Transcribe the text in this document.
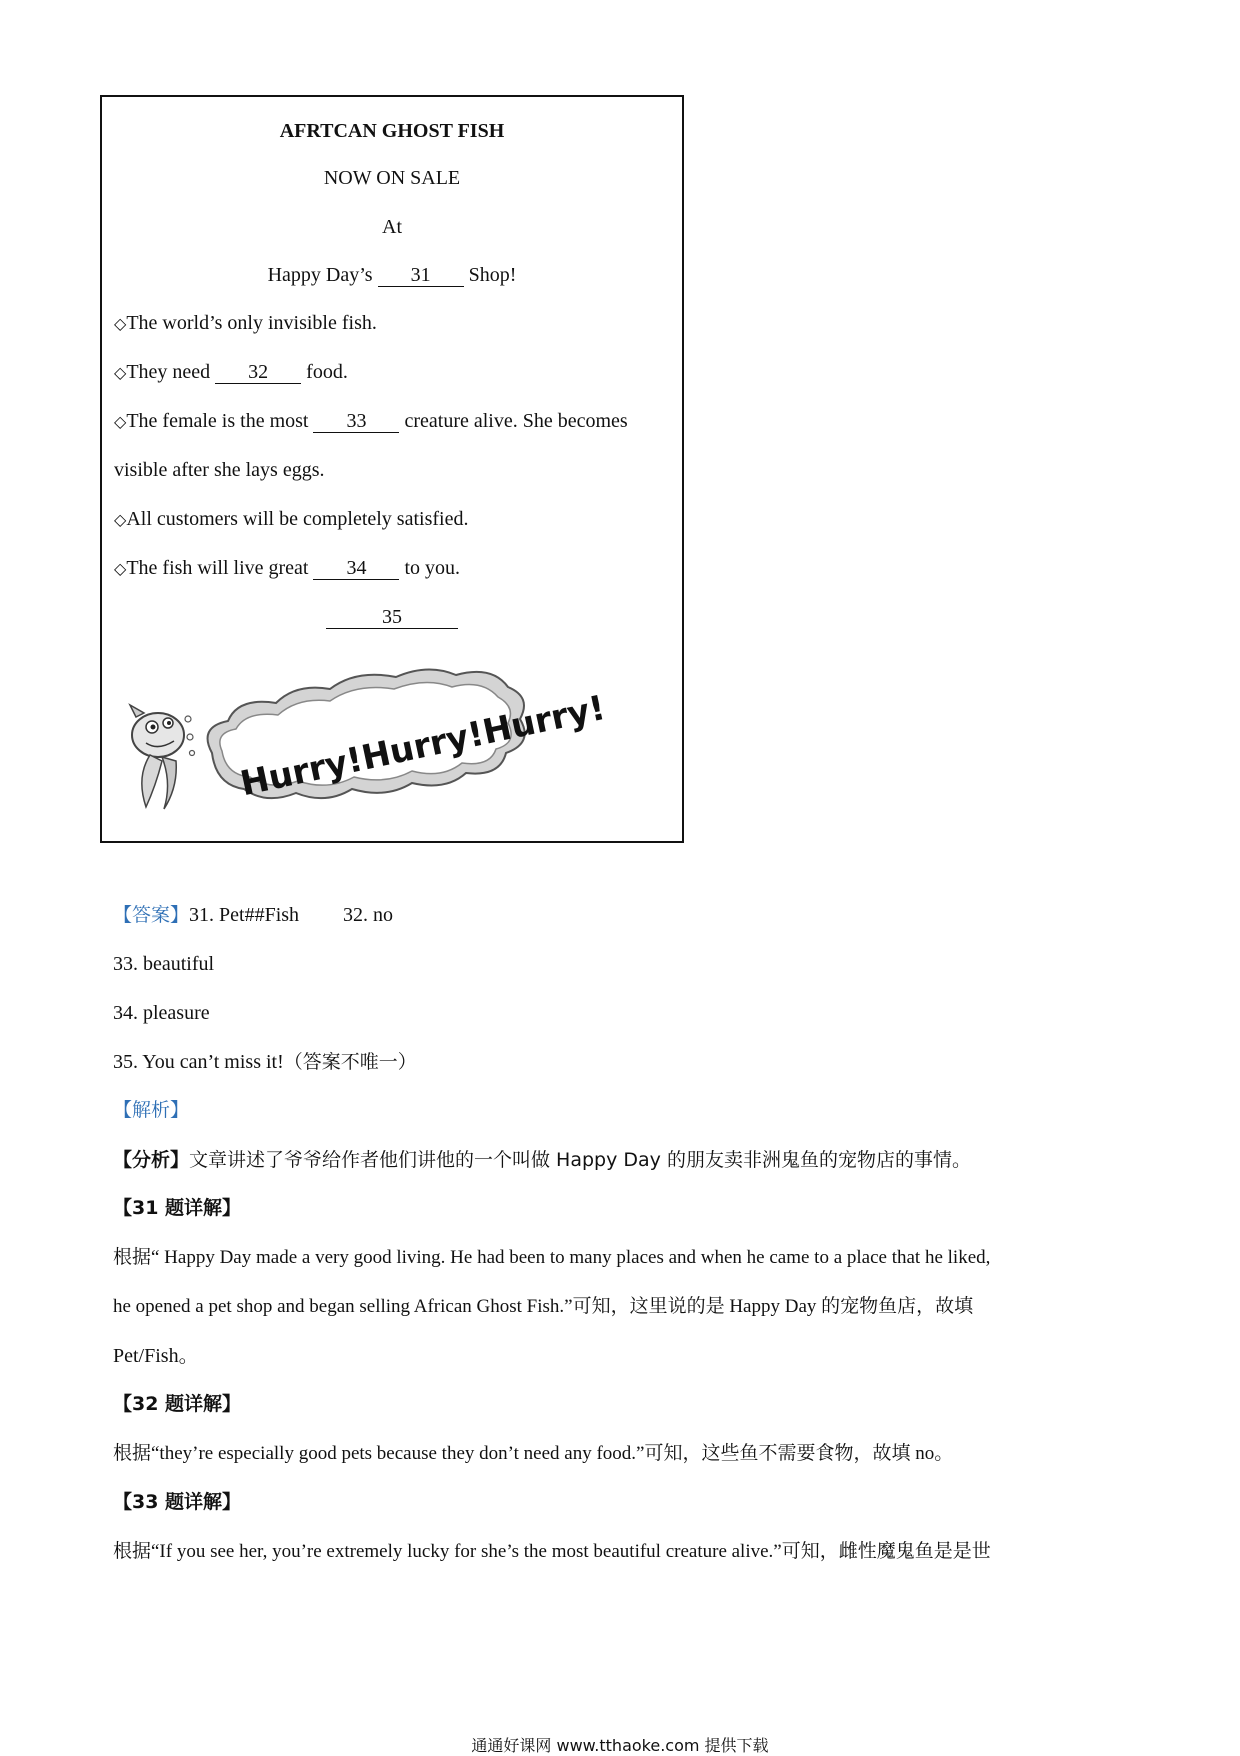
AFRTCAN GHOST FISH
NOW ON SALE
At
Happy Day’s 31 Shop!
◇The world’s only invisible fish.
◇They need 32 food.
◇The female is the most 33 creature alive. She becomes
visible after she lays eggs.
◇All customers will be completely satisfied.
◇The fish will live great 34 to you.
35
Hurry!Hurry!Hurry!
【答案】31. Pet##Fish 32. no
33. beautiful
34. pleasure
35. You can’t miss it!（答案不唯一）
【解析】
【分析】文章讲述了爷爷给作者他们讲他的一个叫做 Happy Day 的朋友卖非洲鬼鱼的宠物店的事情。
【31 题详解】
根据“ Happy Day made a very good living. He had been to many places and when he came to a place that he liked,
he opened a pet shop and began selling African Ghost Fish.”可知，这里说的是 Happy Day 的宠物鱼店，故填
Pet/Fish。
【32 题详解】
根据“they’re especially good pets because they don’t need any food.”可知，这些鱼不需要食物，故填 no。
【33 题详解】
根据“If you see her, you’re extremely lucky for she’s the most beautiful creature alive.”可知，雌性魔鬼鱼是是世
通通好课网 www.tthaoke.com 提供下载
